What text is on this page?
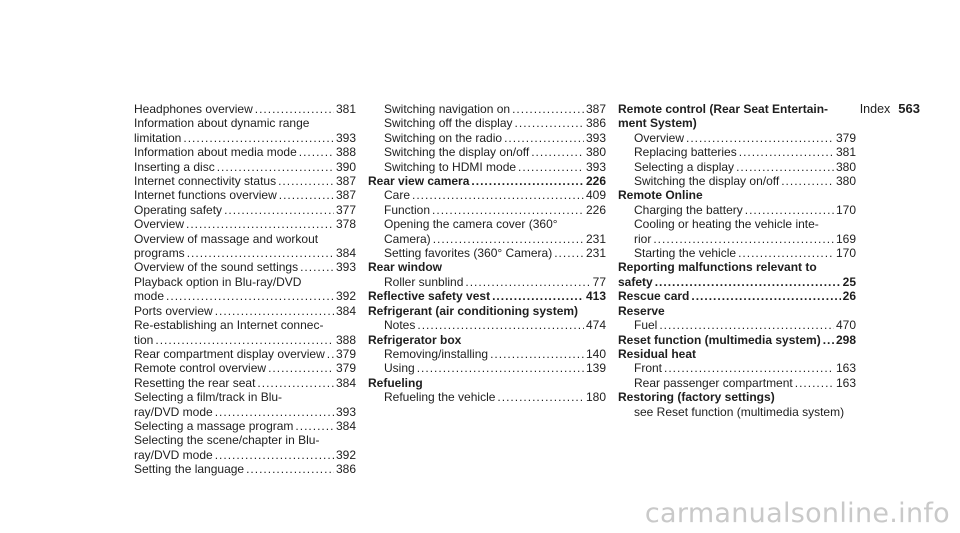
Index 563
Headphones overview .....	381
Information about dynamic range
limitation .....	393
Information about media mode .....	388
Inserting a disc .....	390
Internet connectivity status .....	387
Internet functions overview .....	387
Operating safety .....	377
Overview .....	378
Overview of massage and workout
programs .....	384
Overview of the sound settings .....	393
Playback option in Blu-ray/DVD
mode .....	392
Ports overview .....	384
Re-establishing an Internet connec-
tion .....	388
Rear compartment display overview ..... 379
Remote control overview .....	379
Resetting the rear seat .....	384
Selecting a film/track in Blu-
ray/DVD mode .....	393
Selecting a massage program .....	384
Selecting the scene/chapter in Blu-
ray/DVD mode .....	392
Setting the language .....	386
Switching navigation on .....	387
Switching off the display .....	386
Switching on the radio .....	393
Switching the display on/off .....	380
Switching to HDMI mode .....	393
Rear view camera .....	226
Care .....	409
Function .....	226
Opening the camera cover (360°
Camera) .....	231
Setting favorites (360° Camera) .....	231
Rear window
Roller sunblind .....	77
Reflective safety vest .....	413
Refrigerant (air conditioning system)
Notes .....	474
Refrigerator box
Removing/installing .....	140
Using .....	139
Refueling
Refueling the vehicle .....	180
Remote control (Rear Seat Entertain-
ment System)
Overview .....	379
Replacing batteries .....	381
Selecting a display .....	380
Switching the display on/off .....	380
Remote Online
Charging the battery .....	170
Cooling or heating the vehicle inte-
rior .....	169
Starting the vehicle .....	170
Reporting malfunctions relevant to
safety .....	25
Rescue card .....	26
Reserve
Fuel .....	470
Reset function (multimedia system) ..... 298
Residual heat
Front .....	163
Rear passenger compartment .....	163
Restoring (factory settings)
see Reset function (multimedia system)
carmanualsonline.info
